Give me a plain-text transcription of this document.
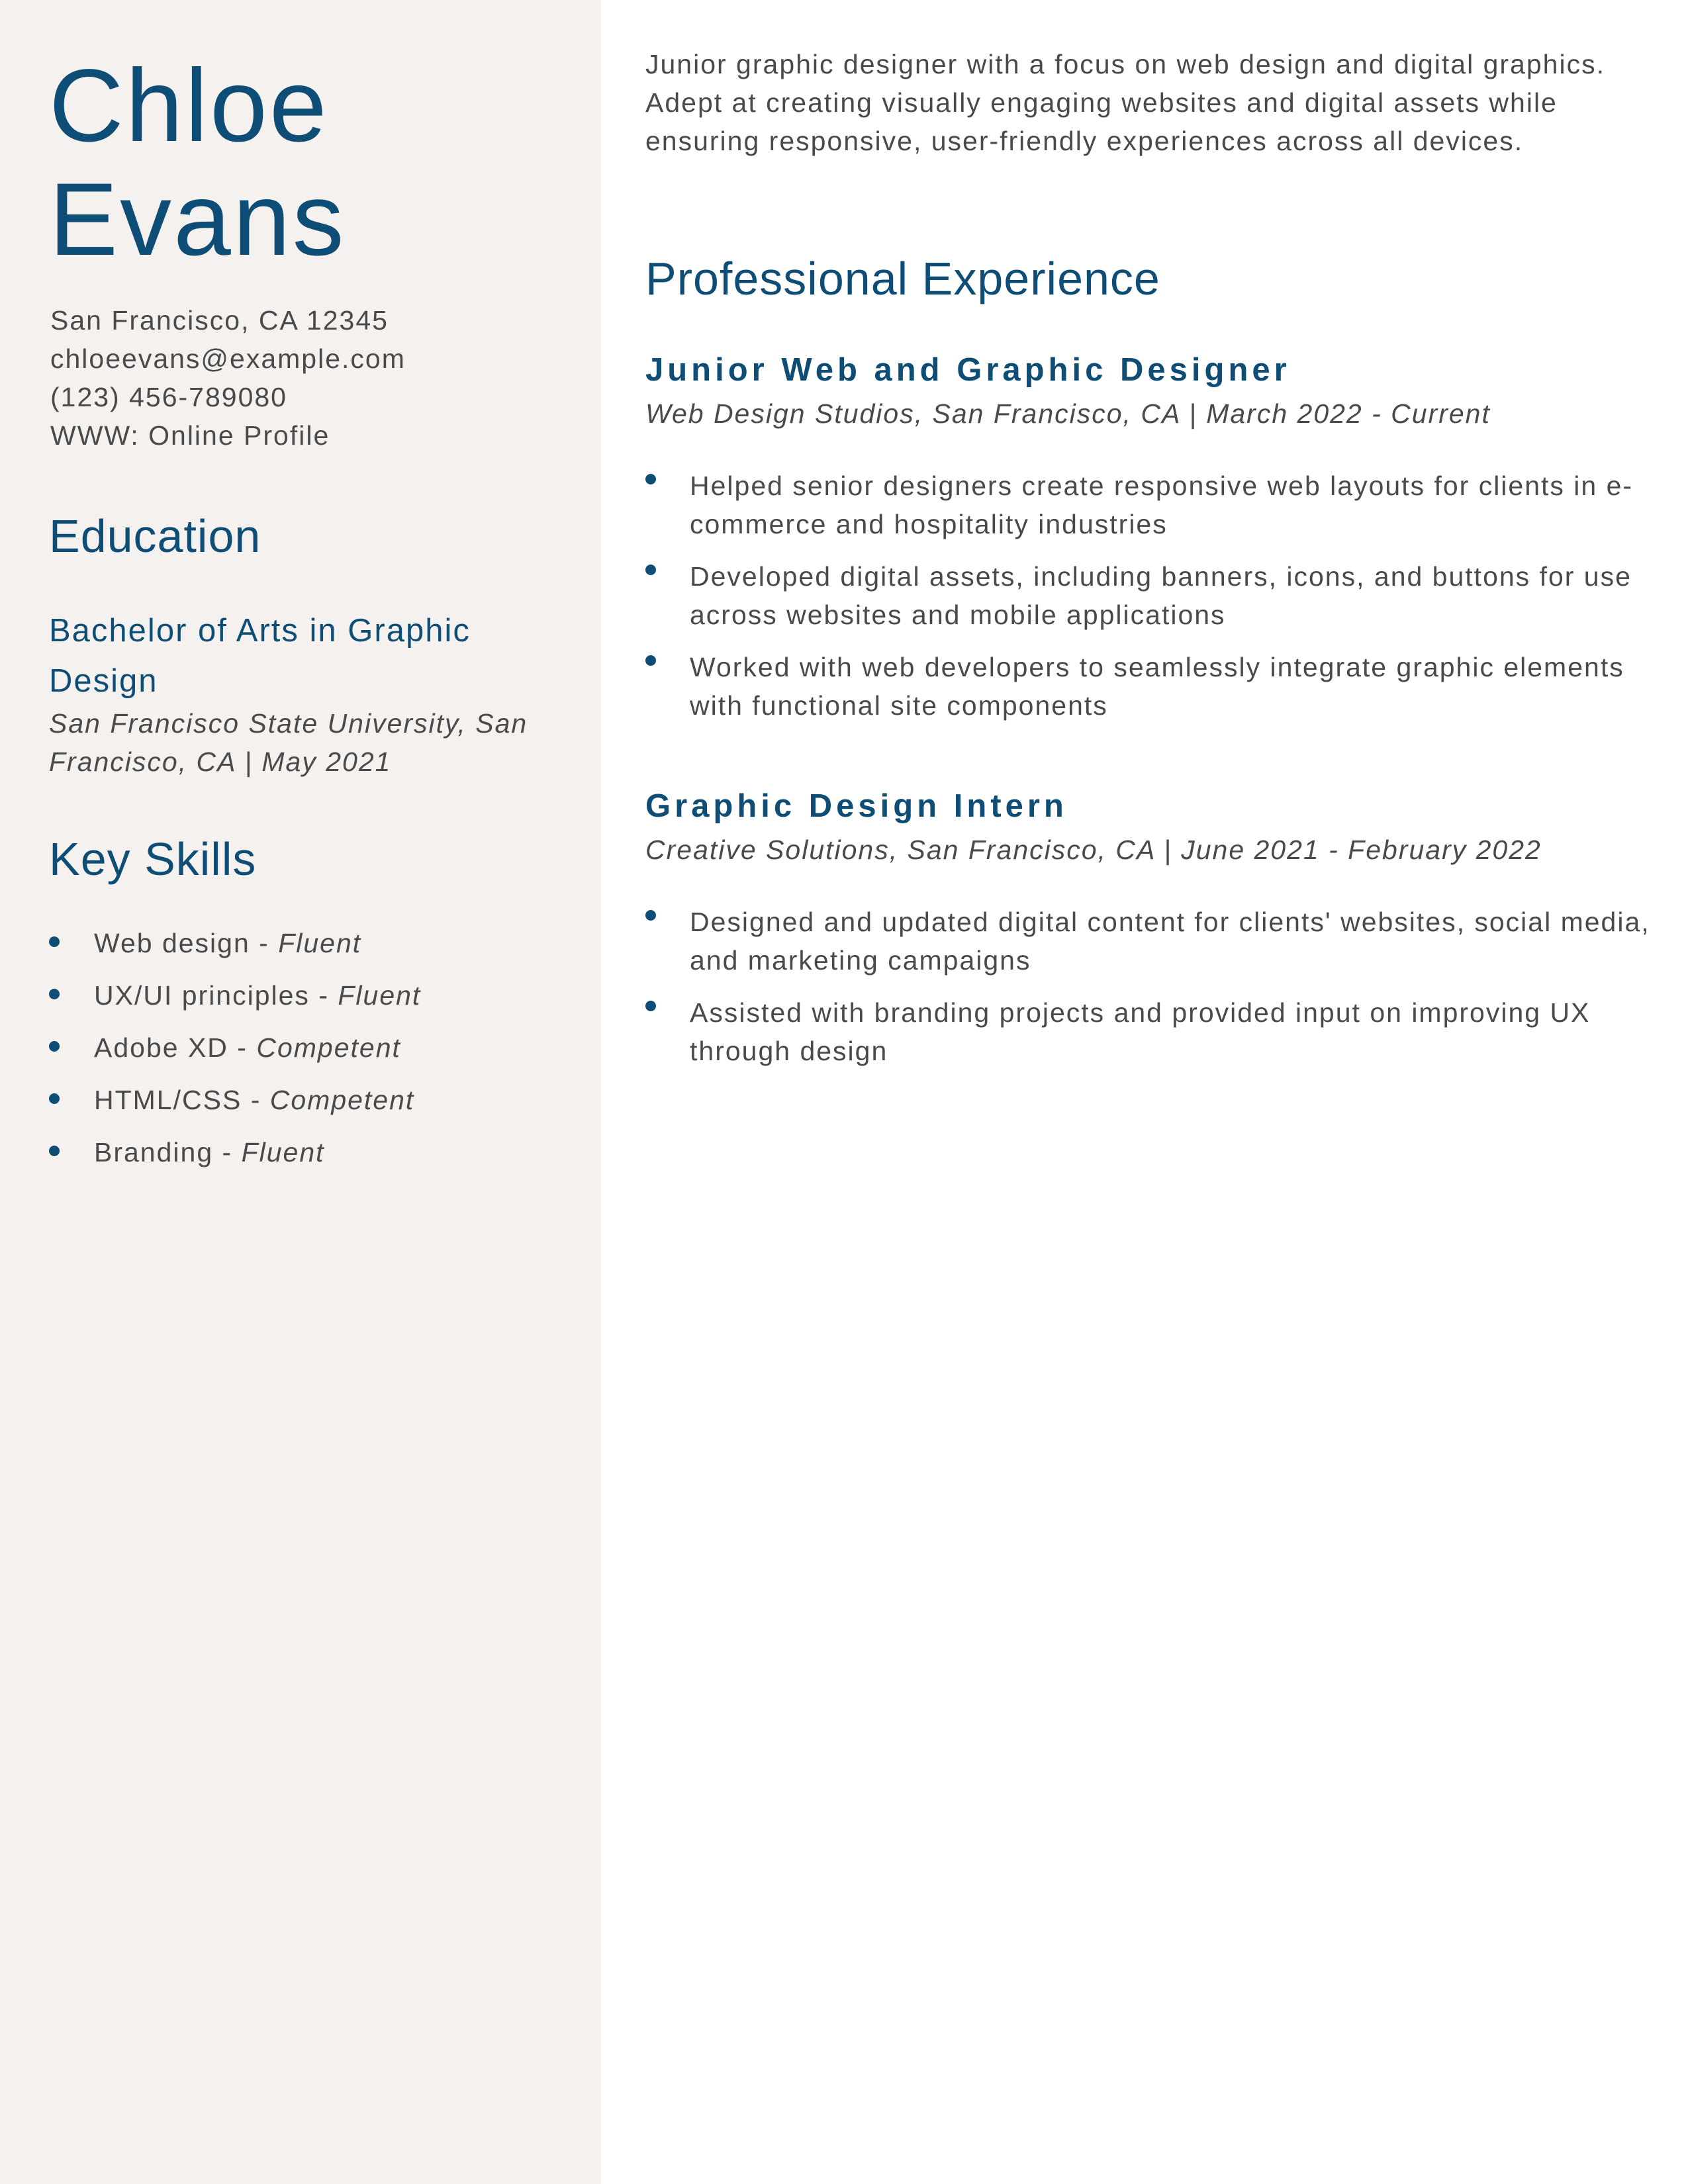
Chloe
Evans
San Francisco, CA 12345
chloeevans@example.com
(123) 456-789080
WWW: Online Profile
Education
Bachelor of Arts in Graphic Design
San Francisco State University, San Francisco, CA | May 2021
Key Skills
Web design - Fluent
UX/UI principles - Fluent
Adobe XD - Competent
HTML/CSS - Competent
Branding - Fluent

Junior graphic designer with a focus on web design and digital graphics. Adept at creating visually engaging websites and digital assets while ensuring responsive, user-friendly experiences across all devices.

Professional Experience
Junior Web and Graphic Designer
Web Design Studios, San Francisco, CA | March 2022 - Current
Helped senior designers create responsive web layouts for clients in e-commerce and hospitality industries
Developed digital assets, including banners, icons, and buttons for use across websites and mobile applications
Worked with web developers to seamlessly integrate graphic elements with functional site components
Graphic Design Intern
Creative Solutions, San Francisco, CA | June 2021 - February 2022
Designed and updated digital content for clients' websites, social media, and marketing campaigns
Assisted with branding projects and provided input on improving UX through design
